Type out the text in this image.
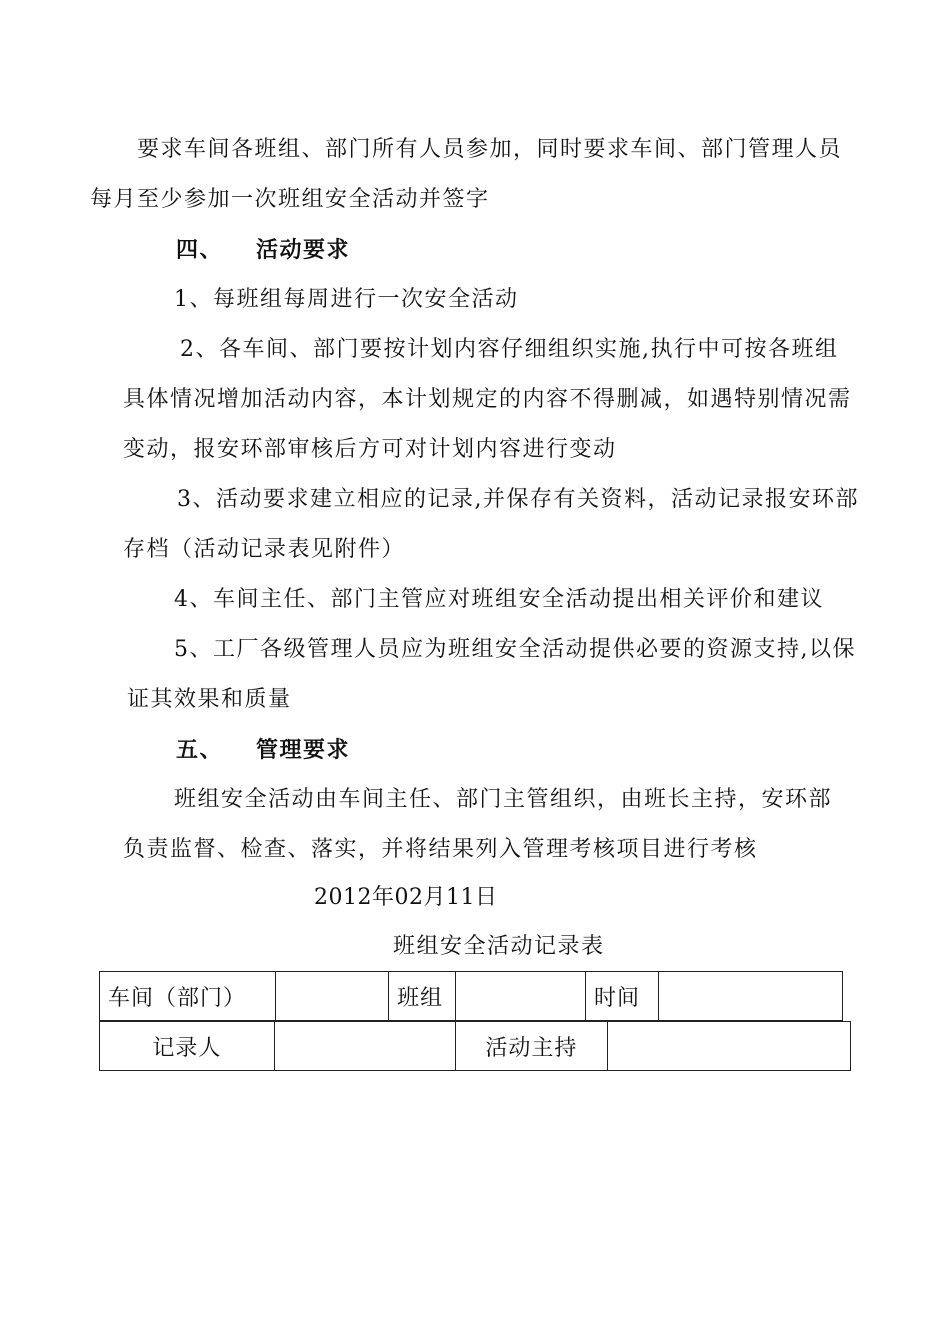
要求车间各班组、部门所有人员参加，同时要求车间、部门管理人员
每月至少参加一次班组安全活动并签字
四、 活动要求
1、每班组每周进行一次安全活动
2、各车间、部门要按计划内容仔细组织实施,执行中可按各班组
具体情况增加活动内容，本计划规定的内容不得删减，如遇特别情况需
变动，报安环部审核后方可对计划内容进行变动
3、活动要求建立相应的记录,并保存有关资料，活动记录报安环部
存档（活动记录表见附件）
4、车间主任、部门主管应对班组安全活动提出相关评价和建议
5、工厂各级管理人员应为班组安全活动提供必要的资源支持,以保
证其效果和质量
五、 管理要求
班组安全活动由车间主任、部门主管组织，由班长主持，安环部
负责监督、检查、落实，并将结果列入管理考核项目进行考核
2012年02月11日
班组安全活动记录表
车间（部门）		班组		时间	
记录人		活动主持	
